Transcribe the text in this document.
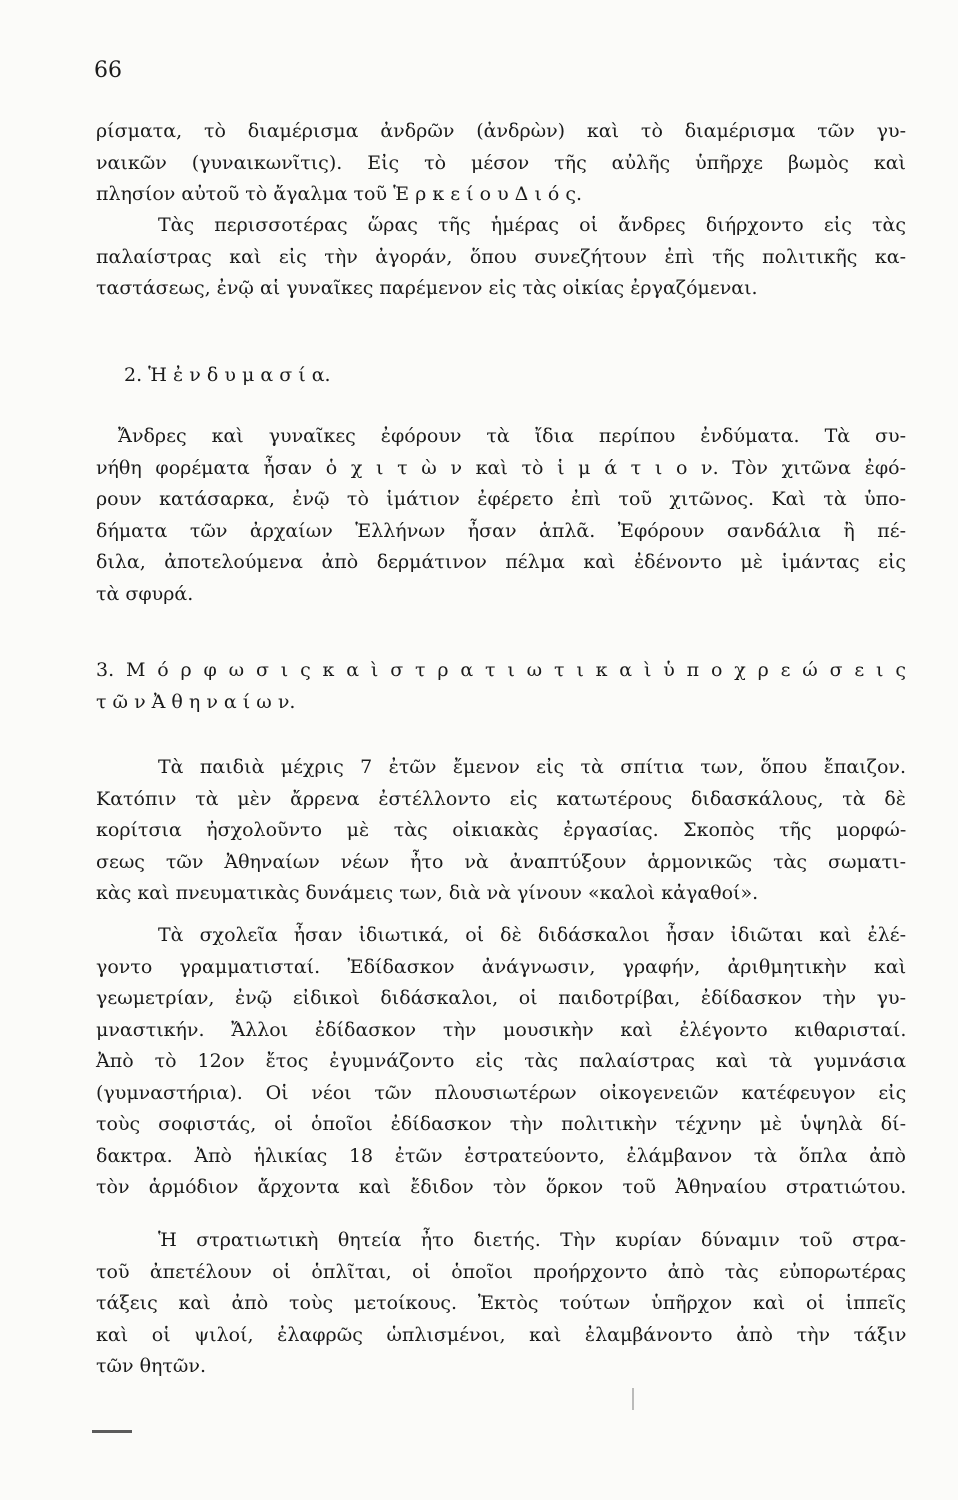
66
ρίσματα, τὸ διαμέρισμα ἀνδρῶν (ἀνδρὼν) καὶ τὸ διαμέρισμα τῶν γυ-
ναικῶν (γυναικωνῖτις). Εἰς τὸ μέσον τῆς αὐλῆς ὑπῆρχε βωμὸς καὶ
πλησίον αὐτοῦ τὸ ἄγαλμα τοῦ Ἑ ρ κ ε ί ο υ Δ ι ό ς.
Τὰς περισσοτέρας ὥρας τῆς ἡμέρας οἱ ἄνδρες διήρχοντο εἰς τὰς
παλαίστρας καὶ εἰς τὴν ἀγοράν, ὅπου συνεζήτουν ἐπὶ τῆς πολιτικῆς κα-
ταστάσεως, ἐνῷ αἱ γυναῖκες παρέμενον εἰς τὰς οἰκίας ἐργαζόμεναι.
2. Ἡ ἐ ν δ υ μ α σ ί α.
Ἄνδρες καὶ γυναῖκες ἐφόρουν τὰ ἴδια περίπου ἐνδύματα. Τὰ συ-
νήθη φορέματα ἦσαν ὁ χ ι τ ὼ ν καὶ τὸ ἱ μ ά τ ι ο ν. Τὸν χιτῶνα ἐφό-
ρουν κατάσαρκα, ἐνῷ τὸ ἱμάτιον ἐφέρετο ἐπὶ τοῦ χιτῶνος. Καὶ τὰ ὑπο-
δήματα τῶν ἀρχαίων Ἑλλήνων ἦσαν ἁπλᾶ. Ἐφόρουν σανδάλια ἢ πέ-
διλα, ἀποτελούμενα ἀπὸ δερμάτινον πέλμα καὶ ἐδένοντο μὲ ἱμάντας εἰς
τὰ σφυρά.
3. Μ ό ρ φ ω σ ι ς κ α ὶ σ τ ρ α τ ι ω τ ι κ α ὶ ὑ π ο χ ρ ε ώ σ ε ι ς
τ ῶ ν Ἀ θ η ν α ί ω ν.
Τὰ παιδιὰ μέχρις 7 ἐτῶν ἔμενον εἰς τὰ σπίτια των, ὅπου ἔπαιζον.
Κατόπιν τὰ μὲν ἄρρενα ἐστέλλοντο εἰς κατωτέρους διδασκάλους, τὰ δὲ
κορίτσια ἠσχολοῦντο μὲ τὰς οἰκιακὰς ἐργασίας. Σκοπὸς τῆς μορφώ-
σεως τῶν Ἀθηναίων νέων ἦτο νὰ ἀναπτύξουν ἁρμονικῶς τὰς σωματι-
κὰς καὶ πνευματικὰς δυνάμεις των, διὰ νὰ γίνουν «καλοὶ κἀγαθοί».
Τὰ σχολεῖα ἦσαν ἰδιωτικά, οἱ δὲ διδάσκαλοι ἦσαν ἰδιῶται καὶ ἐλέ-
γοντο γραμματισταί. Ἐδίδασκον ἀνάγνωσιν, γραφήν, ἀριθμητικὴν καὶ
γεωμετρίαν, ἐνῷ εἰδικοὶ διδάσκαλοι, οἱ παιδοτρίβαι, ἐδίδασκον τὴν γυ-
μναστικήν. Ἄλλοι ἐδίδασκον τὴν μουσικὴν καὶ ἐλέγοντο κιθαρισταί.
Ἀπὸ τὸ 12ον ἔτος ἐγυμνάζοντο εἰς τὰς παλαίστρας καὶ τὰ γυμνάσια
(γυμναστήρια). Οἱ νέοι τῶν πλουσιωτέρων οἰκογενειῶν κατέφευγον εἰς
τοὺς σοφιστάς, οἱ ὁποῖοι ἐδίδασκον τὴν πολιτικὴν τέχνην μὲ ὑψηλὰ δί-
δακτρα. Ἀπὸ ἡλικίας 18 ἐτῶν ἐστρατεύοντο, ἐλάμβανον τὰ ὅπλα ἀπὸ
τὸν ἁρμόδιον ἄρχοντα καὶ ἔδιδον τὸν ὅρκον τοῦ Ἀθηναίου στρατιώτου.
Ἡ στρατιωτικὴ θητεία ἦτο διετής. Τὴν κυρίαν δύναμιν τοῦ στρα-
τοῦ ἀπετέλουν οἱ ὁπλῖται, οἱ ὁποῖοι προήρχοντο ἀπὸ τὰς εὐπορωτέρας
τάξεις καὶ ἀπὸ τοὺς μετοίκους. Ἐκτὸς τούτων ὑπῆρχον καὶ οἱ ἱππεῖς
καὶ οἱ ψιλοί, ἐλαφρῶς ὡπλισμένοι, καὶ ἐλαμβάνοντο ἀπὸ τὴν τάξιν
τῶν θητῶν.
